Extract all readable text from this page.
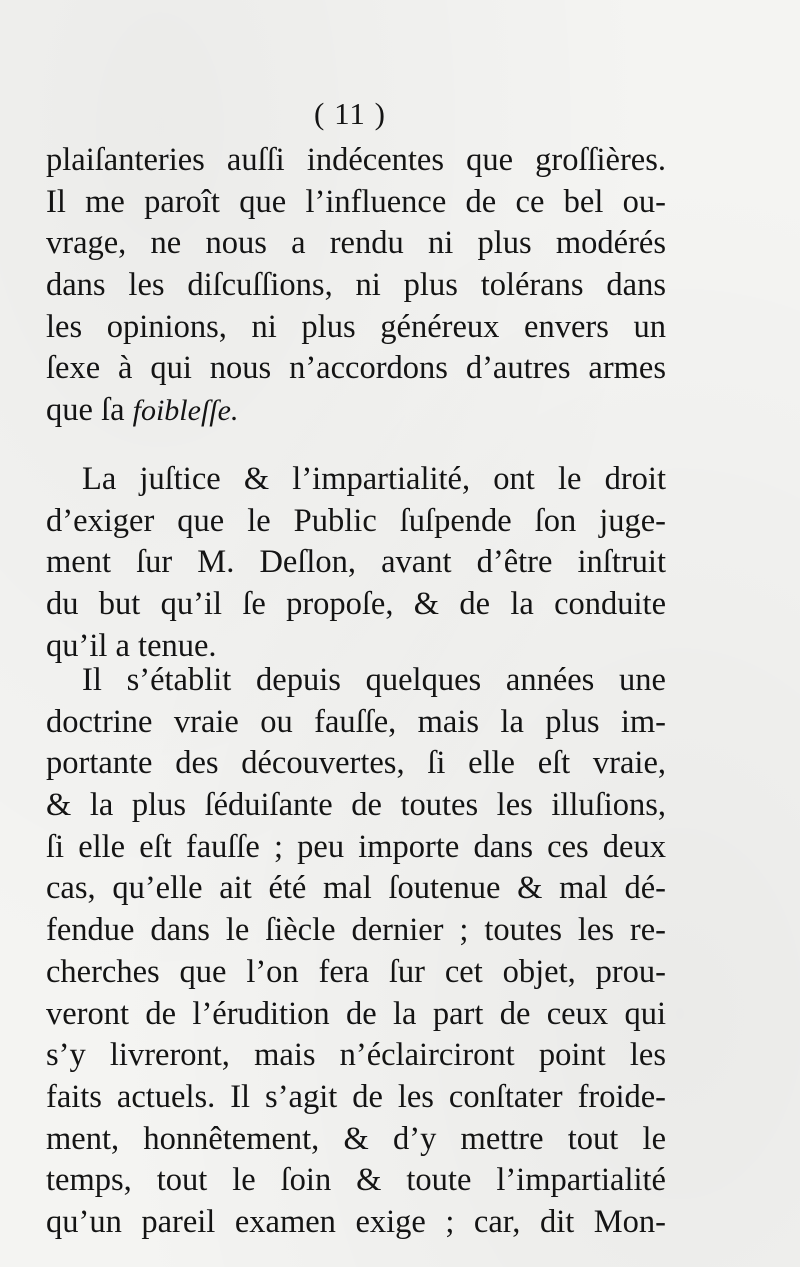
( 11 )
plaiſanteries auſſi indécentes que groſſières.
Il me paroît que l’influence de ce bel ou-
vrage, ne nous a rendu ni plus modérés
dans les diſcuſſions, ni plus tolérans dans
les opinions, ni plus généreux envers un
ſexe à qui nous n’accordons d’autres armes
que ſa foibleſſe.
La juſtice & l’impartialité, ont le droit
d’exiger que le Public ſuſpende ſon juge-
ment ſur M. Deſlon, avant d’être inſtruit
du but qu’il ſe propoſe, & de la conduite
qu’il a tenue.
Il s’établit depuis quelques années une
doctrine vraie ou fauſſe, mais la plus im-
portante des découvertes, ſi elle eſt vraie,
& la plus ſéduiſante de toutes les illuſions,
ſi elle eſt fauſſe ; peu importe dans ces deux
cas, qu’elle ait été mal ſoutenue & mal dé-
fendue dans le ſiècle dernier ; toutes les re-
cherches que l’on fera ſur cet objet, prou-
veront de l’érudition de la part de ceux qui
s’y livreront, mais n’éclairciront point les
faits actuels. Il s’agit de les conſtater froide-
ment, honnêtement, & d’y mettre tout le
temps, tout le ſoin & toute l’impartialité
qu’un pareil examen exige ; car, dit Mon-
